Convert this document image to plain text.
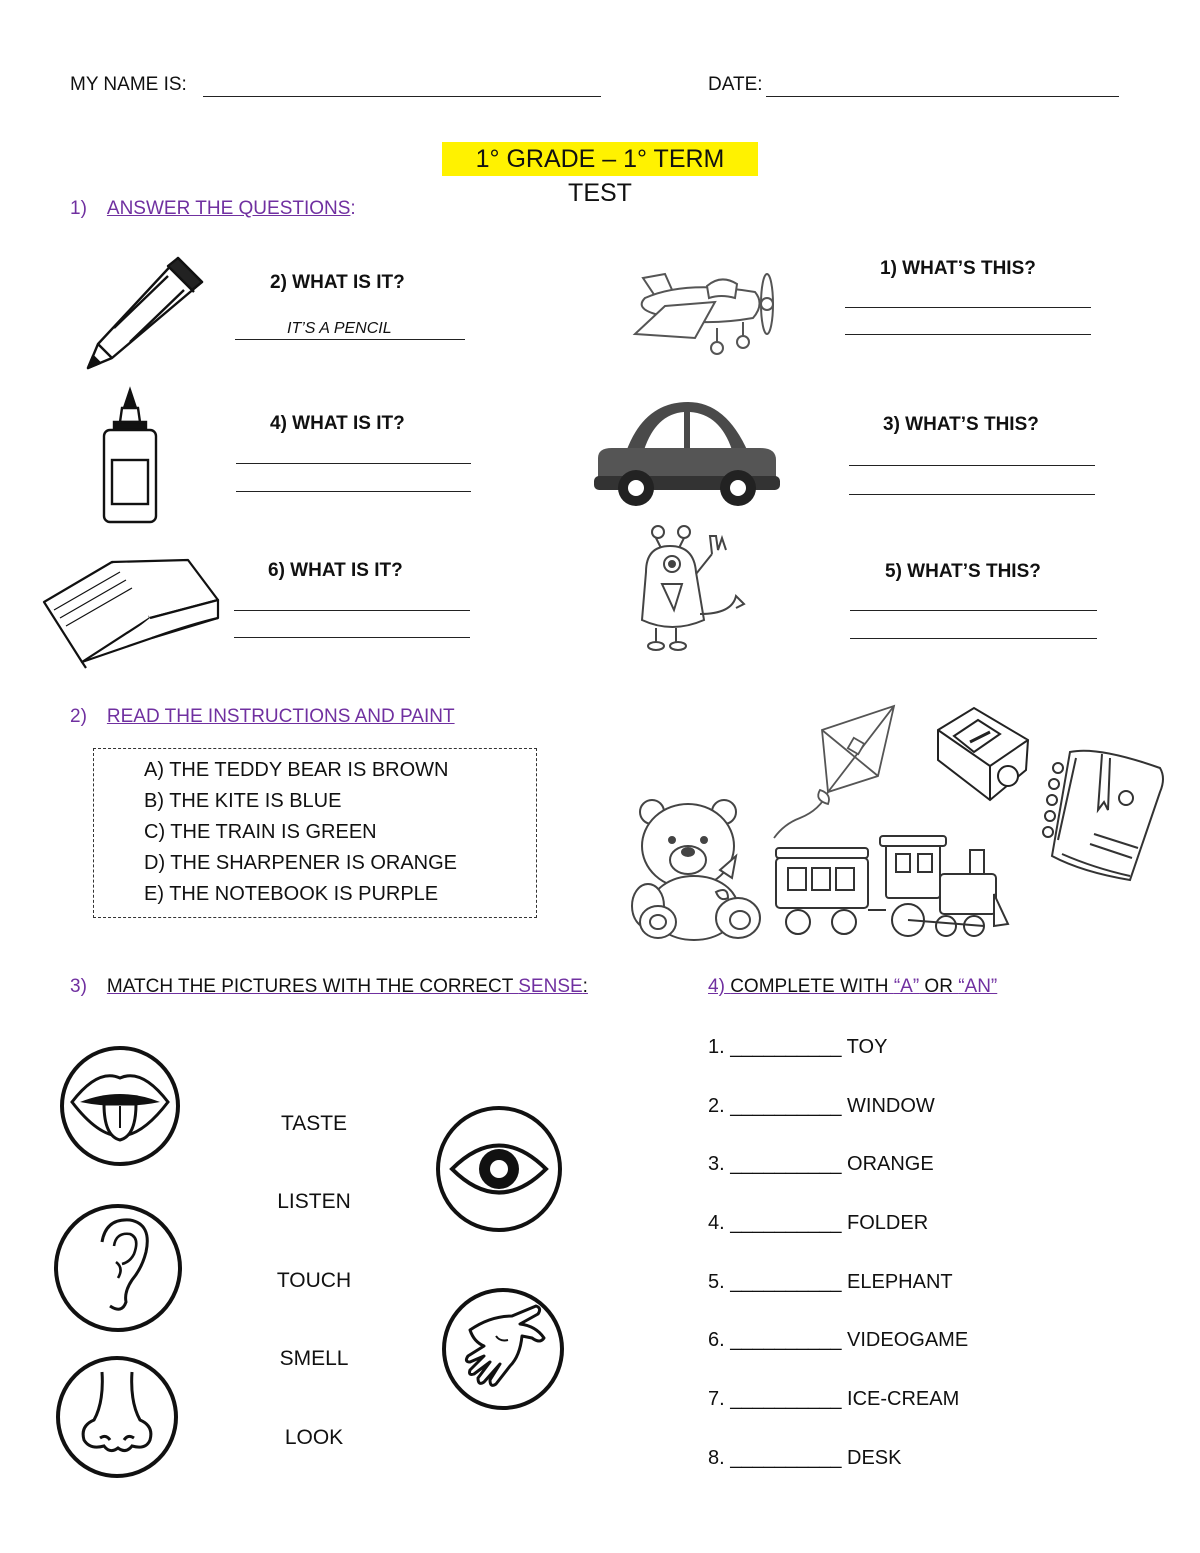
MY NAME IS:	DATE:
1° GRADE – 1° TERM TEST
1) ANSWER THE QUESTIONS:
2) WHAT IS IT?
IT’S A PENCIL
1) WHAT’S THIS?
4) WHAT IS IT?	3) WHAT’S THIS?
6) WHAT IS IT?	5) WHAT’S THIS?
2) READ THE INSTRUCTIONS AND PAINT
A) THE TEDDY BEAR IS BROWN
B) THE KITE IS BLUE
C) THE TRAIN IS GREEN
D) THE SHARPENER IS ORANGE
E) THE NOTEBOOK IS PURPLE
3) MATCH THE PICTURES WITH THE CORRECT SENSE:
TASTE
LISTEN
TOUCH
SMELL
LOOK
4) COMPLETE WITH “A” OR “AN”
1. __________ TOY
2. __________ WINDOW
3. __________ ORANGE
4. __________ FOLDER
5. __________ ELEPHANT
6. __________ VIDEOGAME
7. __________ ICE-CREAM
8. __________ DESK
